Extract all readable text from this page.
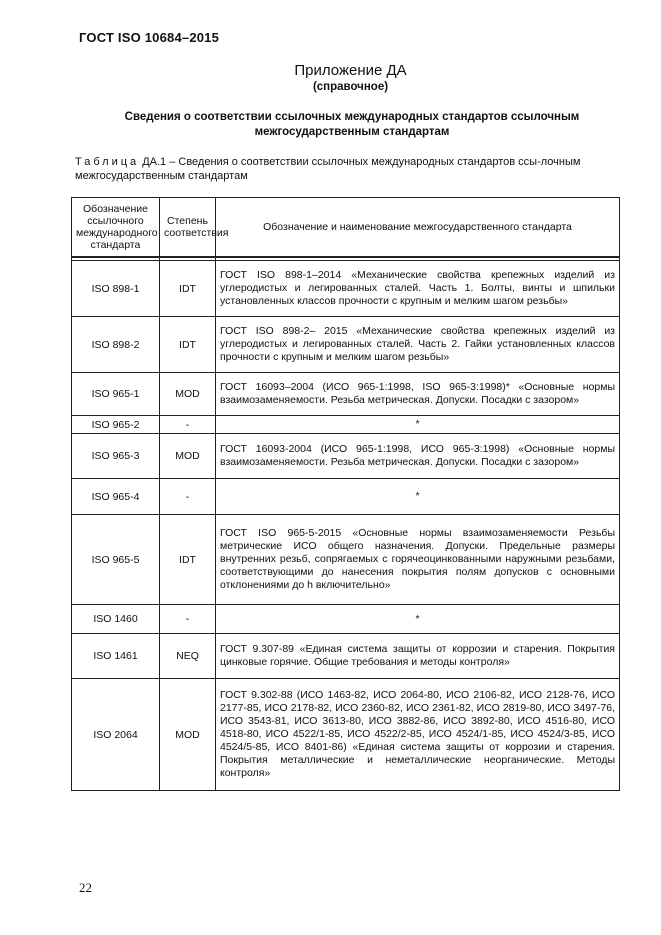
ГОСТ ISO 10684–2015
Приложение ДА
(справочное)
Сведения о соответствии ссылочных международных стандартов ссылочным межгосударственным стандартам
Таблица ДА.1 – Сведения о соответствии ссылочных международных стандартов ссы-лочным межгосударственным стандартам
Обозначение ссылочного международного стандарта	Степень соответствия	Обозначение и наименование межгосударственного стандарта

ISO 898-1	IDT	ГОСТ ISO 898-1–2014 «Механические свойства крепежных изделий из углеродистых и легированных сталей. Часть 1. Болты, винты и шпильки установленных классов прочности с крупным и мелким шагом резьбы»
ISO 898-2	IDT	ГОСТ ISO 898-2– 2015 «Механические свойства крепежных изделий из углеродистых и легированных сталей. Часть 2. Гайки установленных классов прочности с крупным и мелким шагом резьбы»
ISO 965-1	MOD	ГОСТ 16093–2004 (ИСО 965-1:1998, ISO 965-3:1998)* «Основные нормы взаимозаменяемости. Резьба метрическая. Допуски. Посадки с зазором»
ISO 965-2	-	*
ISO 965-3	MOD	ГОСТ 16093-2004 (ИСО 965-1:1998, ИСО 965-3:1998) «Основные нормы взаимозаменяемости. Резьба метрическая. Допуски. Посадки с зазором»
ISO 965-4	-	*
ISO 965-5	IDT	ГОСТ ISO 965-5-2015 «Основные нормы взаимозаменяемости Резьбы метрические ИСО общего назначения. Допуски. Предельные размеры внутренних резьб, сопрягаемых с горячеоцинкованными наружными резьбами, соответствующими до нанесения покрытия полям допусков с основными отклонениями до h включительно»
ISO 1460	-	*
ISO 1461	NEQ	ГОСТ 9.307-89 «Единая система защиты от коррозии и старения. Покрытия цинковые горячие. Общие требования и методы контроля»
ISO 2064	MOD	ГОСТ 9.302-88 (ИСО 1463-82, ИСО 2064-80, ИСО 2106-82, ИСО 2128-76, ИСО 2177-85, ИСО 2178-82, ИСО 2360-82, ИСО 2361-82, ИСО 2819-80, ИСО 3497-76, ИСО 3543-81, ИСО 3613-80, ИСО 3882-86, ИСО 3892-80, ИСО 4516-80, ИСО 4518-80, ИСО 4522/1-85, ИСО 4522/2-85, ИСО 4524/1-85, ИСО 4524/3-85, ИСО 4524/5-85, ИСО 8401-86) «Единая система защиты от коррозии и старения. Покрытия металлические и неметаллические неорганические. Методы контроля»
22
